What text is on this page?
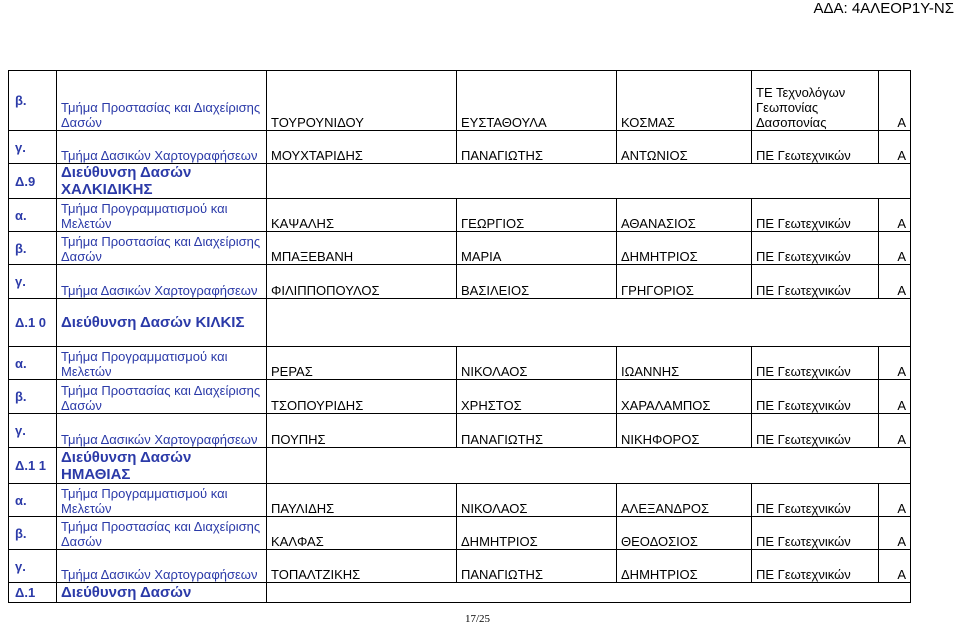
ΑΔΑ: 4ΑΛΕΟΡ1Υ-ΝΣ
β.	Τμήμα Προστασίας και Διαχείρισης Δασών	ΤΟΥΡΟΥΝΙΔΟΥ	ΕΥΣΤΑΘΟΥΛΑ	ΚΟΣΜΑΣ	ΤΕ Τεχνολόγων Γεωπονίας Δασοπονίας	Α
γ.	Τμήμα Δασικών Χαρτογραφήσεων	ΜΟΥΧΤΑΡΙΔΗΣ	ΠΑΝΑΓΙΩΤΗΣ	ΑΝΤΩΝΙΟΣ	ΠΕ Γεωτεχνικών	Α
Δ.9	Διεύθυνση Δασών ΧΑΛΚΙΔΙΚΗΣ					
α.	Τμήμα Προγραμματισμού και Μελετών	ΚΑΨΑΛΗΣ	ΓΕΩΡΓΙΟΣ	ΑΘΑΝΑΣΙΟΣ	ΠΕ Γεωτεχνικών	Α
β.	Τμήμα Προστασίας και Διαχείρισης Δασών	ΜΠΑΞΕΒΑΝΗ	ΜΑΡΙΑ	ΔΗΜΗΤΡΙΟΣ	ΠΕ Γεωτεχνικών	Α
γ.	Τμήμα Δασικών Χαρτογραφήσεων	ΦΙΛΙΠΠΟΠΟΥΛΟΣ	ΒΑΣΙΛΕΙΟΣ	ΓΡΗΓΟΡΙΟΣ	ΠΕ Γεωτεχνικών	Α
Δ.1 0	Διεύθυνση Δασών ΚΙΛΚΙΣ					
α.	Τμήμα Προγραμματισμού και Μελετών	ΡΕΡΑΣ	ΝΙΚΟΛΑΟΣ	ΙΩΑΝΝΗΣ	ΠΕ Γεωτεχνικών	Α
β.	Τμήμα Προστασίας και Διαχείρισης Δασών	ΤΣΟΠΟΥΡΙΔΗΣ	ΧΡΗΣΤΟΣ	ΧΑΡΑΛΑΜΠΟΣ	ΠΕ Γεωτεχνικών	Α
γ.	Τμήμα Δασικών Χαρτογραφήσεων	ΠΟΥΠΗΣ	ΠΑΝΑΓΙΩΤΗΣ	ΝΙΚΗΦΟΡΟΣ	ΠΕ Γεωτεχνικών	Α
Δ.1 1	Διεύθυνση Δασών ΗΜΑΘΙΑΣ					
α.	Τμήμα Προγραμματισμού και Μελετών	ΠΑΥΛΙΔΗΣ	ΝΙΚΟΛΑΟΣ	ΑΛΕΞΑΝΔΡΟΣ	ΠΕ Γεωτεχνικών	Α
β.	Τμήμα Προστασίας και Διαχείρισης Δασών	ΚΑΛΦΑΣ	ΔΗΜΗΤΡΙΟΣ	ΘΕΟΔΟΣΙΟΣ	ΠΕ Γεωτεχνικών	Α
γ.	Τμήμα Δασικών Χαρτογραφήσεων	ΤΟΠΑΛΤΖΙΚΗΣ	ΠΑΝΑΓΙΩΤΗΣ	ΔΗΜΗΤΡΙΟΣ	ΠΕ Γεωτεχνικών	Α
Δ.1	Διεύθυνση Δασών					
17/25
